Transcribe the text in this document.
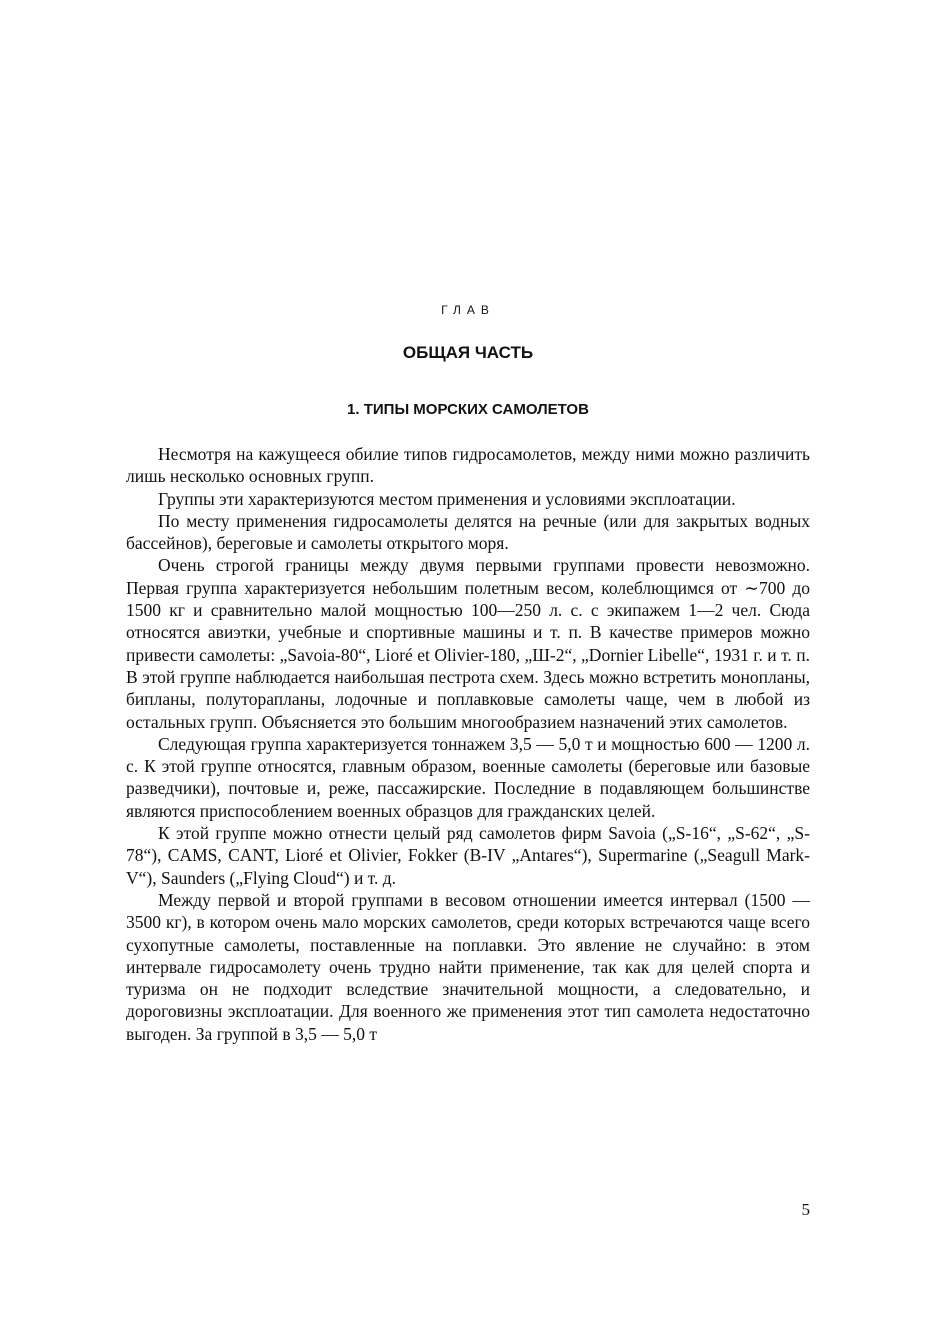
ГЛАВ
ОБЩАЯ ЧАСТЬ
1. ТИПЫ МОРСКИХ САМОЛЕТОВ

Несмотря на кажущееся обилие типов гидросамолетов, между ними можно различить лишь несколько основных групп.

Группы эти характеризуются местом применения и условиями эксплоатации.

По месту применения гидросамолеты делятся на речные (или для закрытых водных бассейнов), береговые и самолеты открытого моря.

Очень строгой границы между двумя первыми группами провести невозможно. Первая группа характеризуется небольшим полетным весом, колеблющимся от ∼700 до 1500 кг и сравнительно малой мощностью 100—250 л. с. с экипажем 1—2 чел. Сюда относятся авиэтки, учебные и спортивные машины и т. п. В качестве примеров можно привести самолеты: „Savoia-80“, Lioré et Olivier-180, „Ш-2“, „Dornier Libelle“, 1931 г. и т. п. В этой группе наблюдается наибольшая пестрота схем. Здесь можно встретить монопланы, бипланы, полуторапланы, лодочные и поплавковые самолеты чаще, чем в любой из остальных групп. Объясняется это большим многообразием назначений этих самолетов.

Следующая группа характеризуется тоннажем 3,5 — 5,0 т и мощностью 600 — 1200 л. с. К этой группе относятся, главным образом, военные самолеты (береговые или базовые разведчики), почтовые и, реже, пассажирские. Последние в подавляющем большинстве являются приспособлением военных образцов для гражданских целей.

К этой группе можно отнести целый ряд самолетов фирм Savoia („S-16“, „S-62“, „S-78“), CAMS, CANT, Lioré et Olivier, Fokker (B-IV „Antares“), Supermarine („Seagull Mark-V“), Saunders („Flying Cloud“) и т. д.

Между первой и второй группами в весовом отношении имеется интервал (1500 — 3500 кг), в котором очень мало морских самолетов, среди которых встречаются чаще всего сухопутные самолеты, поставленные на поплавки. Это явление не случайно: в этом интервале гидросамолету очень трудно найти применение, так как для целей спорта и туризма он не подходит вследствие значительной мощности, а следовательно, и дороговизны эксплоатации. Для военного же применения этот тип самолета недостаточно выгоден. За группой в 3,5 — 5,0 т

5
